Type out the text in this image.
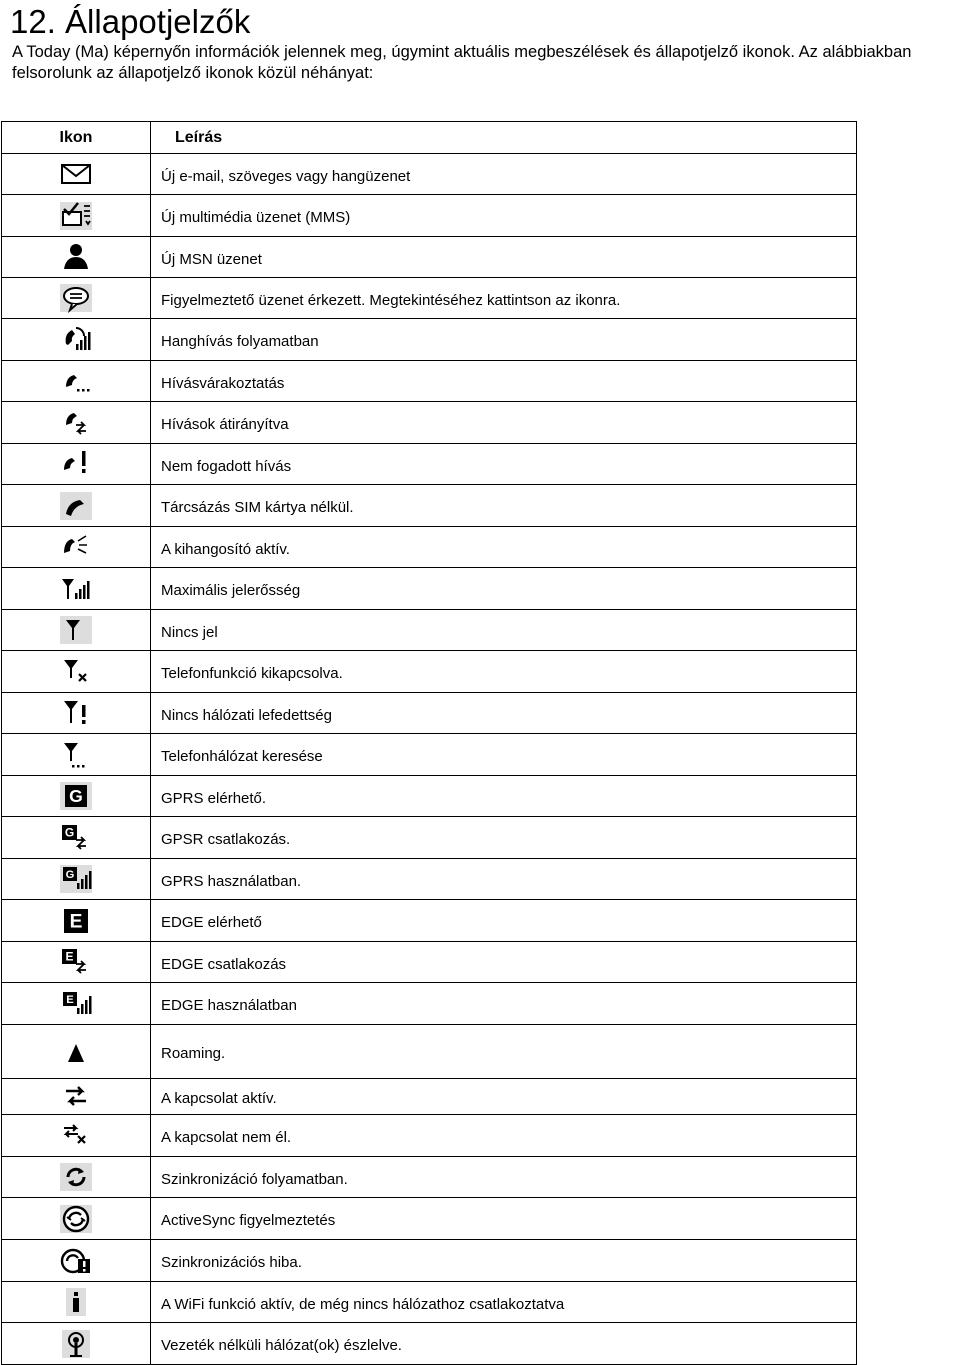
12. Állapotjelzők

A Today (Ma) képernyőn információk jelennek meg, úgymint aktuális megbeszélések és állapotjelző ikonok. Az alábbiakban felsorolunk az állapotjelző ikonok közül néhányat:

Ikon	Leírás
	Új e-mail, szöveges vagy hangüzenet
	Új multimédia üzenet (MMS)
	Új MSN üzenet
	Figyelmeztető üzenet érkezett. Megtekintéséhez kattintson az ikonra.
	Hanghívás folyamatban
	Hívásvárakoztatás
	Hívások átirányítva
	Nem fogadott hívás
	Tárcsázás SIM kártya nélkül.
	A kihangosító aktív.
	Maximális jelerősség
	Nincs jel
	Telefonfunkció kikapcsolva.
	Nincs hálózati lefedettség
	Telefonhálózat keresése

G	GPRS elérhető.

G	GPSR csatlakozás.

G	GPRS használatban.

E	EDGE elérhető

E	EDGE csatlakozás

E	EDGE használatban
	Roaming.
	A kapcsolat aktív.
	A kapcsolat nem él.
	Szinkronizáció folyamatban.
	ActiveSync figyelmeztetés
	Szinkronizációs hiba.
	A WiFi funkció aktív, de még nincs hálózathoz csatlakoztatva
	Vezeték nélküli hálózat(ok) észlelve.
